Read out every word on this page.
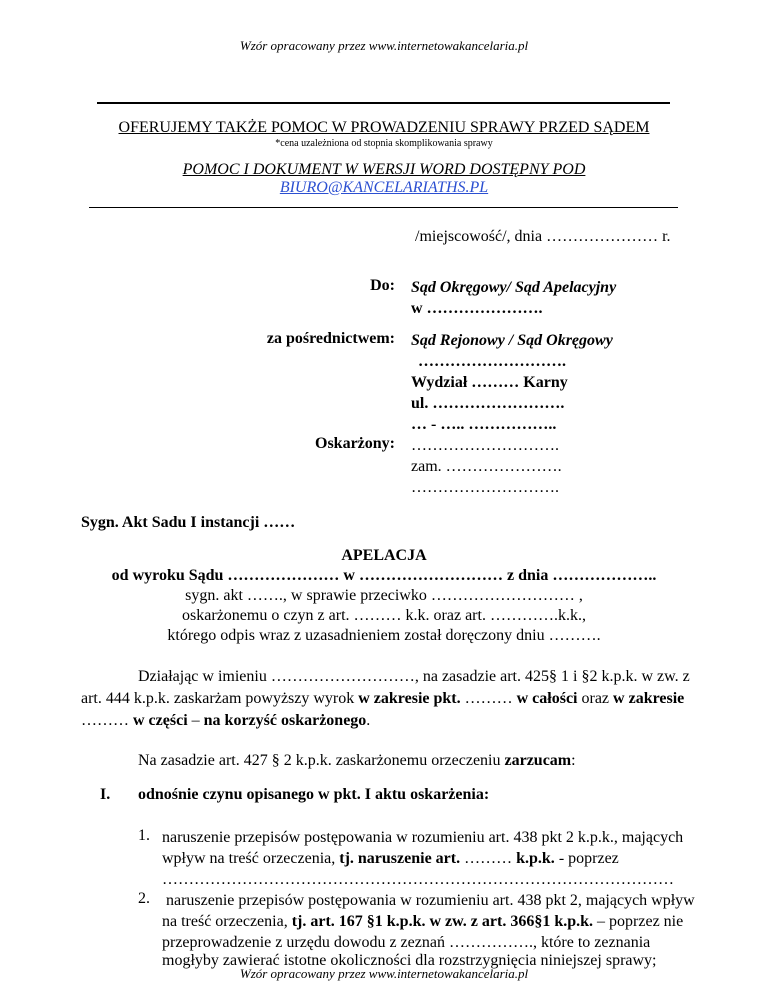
Wzór opracowany przez www.internetowakancelaria.pl
OFERUJEMY TAKŻE POMOC W PROWADZENIU SPRAWY PRZED SĄDEM
*cena uzależniona od stopnia skomplikowania sprawy
POMOC I DOKUMENT W WERSJI WORD DOSTĘPNY POD
BIURO@KANCELARIATHS.PL
/miejscowość/, dnia ………………… r.
Do: Sąd Okręgowy/ Sąd Apelacyjny
w ………………….
za pośrednictwem: Sąd Rejonowy / Sąd Okręgowy
……………………….
Wydział ……… Karny
ul. …………………….
… - ….. ……………..
Oskarżony: ……………………….
zam. ………………….
……………………….
Sygn. Akt Sadu I instancji ……
APELACJA
od wyroku Sądu ………………… w ……………………… z dnia ………………..
sygn. akt ……., w sprawie przeciwko ……………………… ,
oskarżonemu o czyn z art. ……… k.k. oraz art. ………….k.k.,
którego odpis wraz z uzasadnieniem został doręczony dniu ……….
Działając w imieniu ………………………, na zasadzie art. 425§ 1 i §2 k.p.k. w zw. z
art. 444 k.p.k. zaskarżam powyższy wyrok w zakresie pkt. ……… w całości oraz w zakresie
……… w części – na korzyść oskarżonego.
Na zasadzie art. 427 § 2 k.p.k. zaskarżonemu orzeczeniu zarzucam:
I. odnośnie czynu opisanego w pkt. I aktu oskarżenia:
1. naruszenie przepisów postępowania w rozumieniu art. 438 pkt 2 k.p.k., mających
wpływ na treść orzeczenia, tj. naruszenie art. ……… k.p.k. - poprzez
……………………………………………………………………………………
2. naruszenie przepisów postępowania w rozumieniu art. 438 pkt 2, mających wpływ
na treść orzeczenia, tj. art. 167 §1 k.p.k. w zw. z art. 366§1 k.p.k. – poprzez nie
przeprowadzenie z urzędu dowodu z zeznań ……………., które to zeznania
mogłyby zawierać istotne okoliczności dla rozstrzygnięcia niniejszej sprawy;
Wzór opracowany przez www.internetowakancelaria.pl
